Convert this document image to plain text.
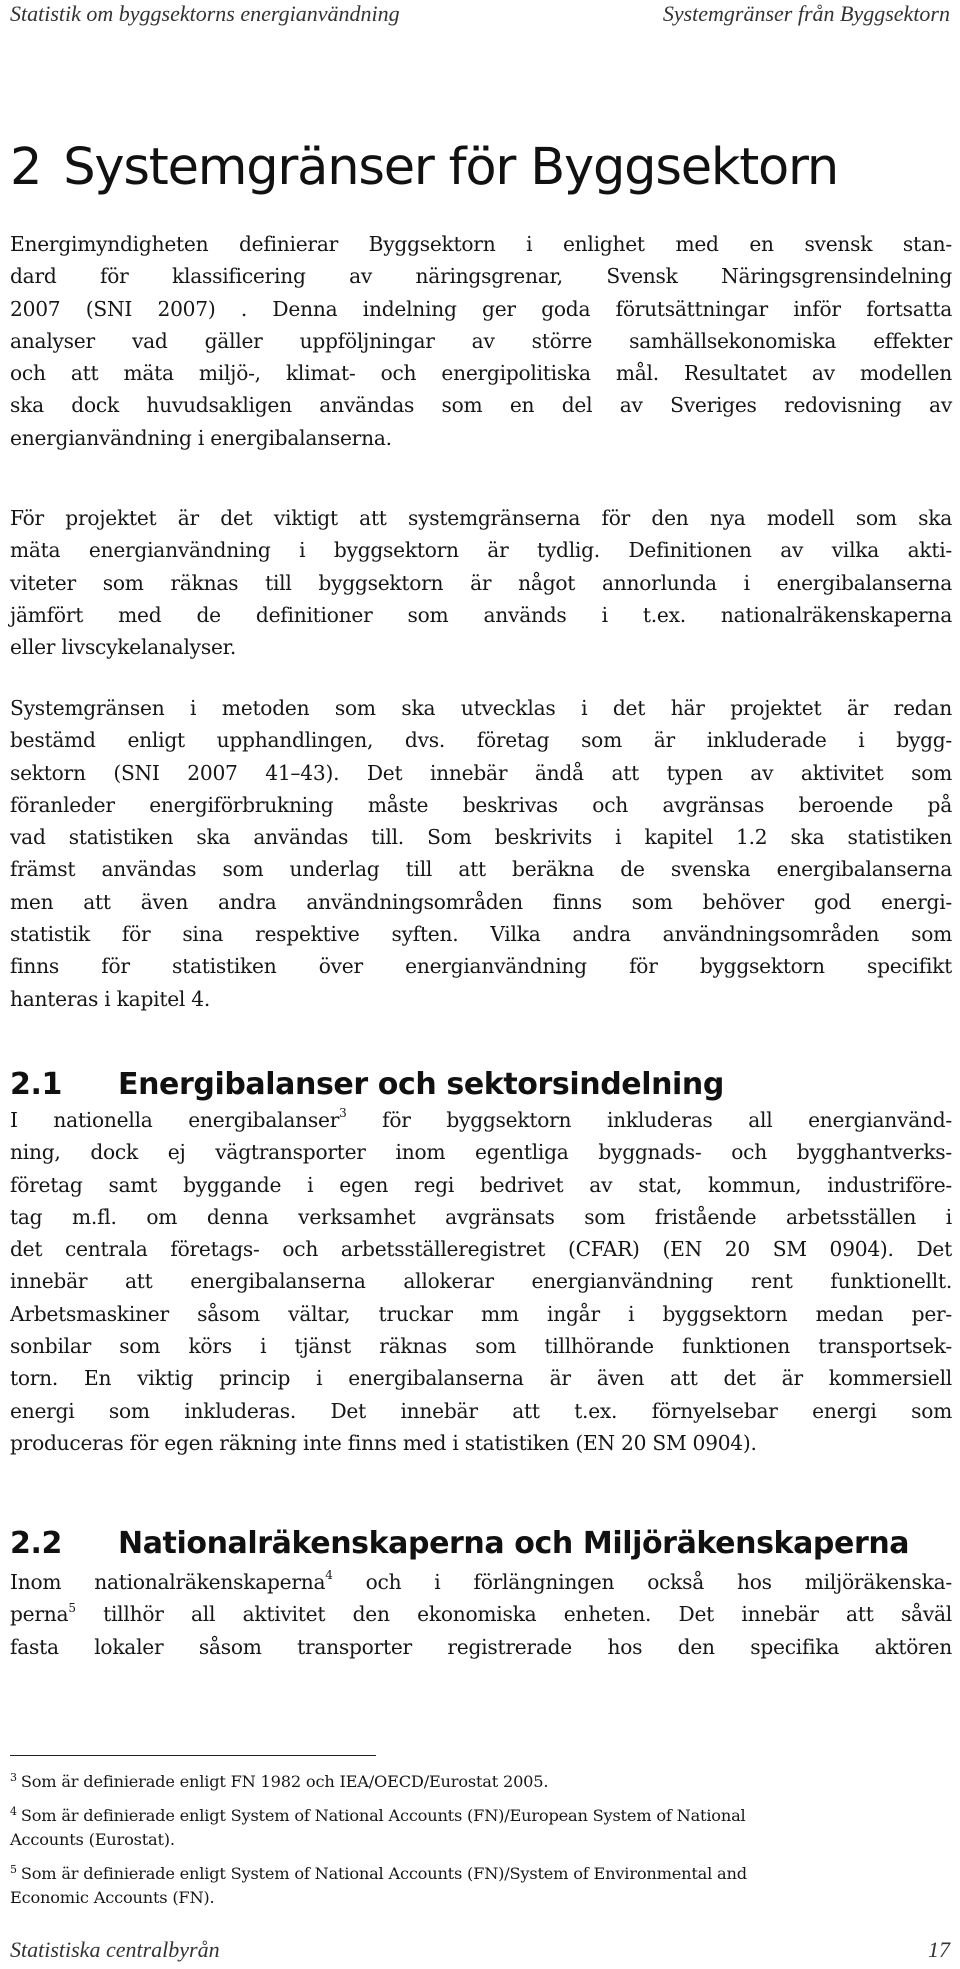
Statistik om byggsektorns energianvändning	Systemgränser från Byggsektorn
2 Systemgränser för Byggsektorn

Energimyndigheten definierar Byggsektorn i enlighet med en svensk stan-
dard för klassificering av näringsgrenar, Svensk Näringsgrensindelning
2007 (SNI 2007) . Denna indelning ger goda förutsättningar inför fortsatta
analyser vad gäller uppföljningar av större samhällsekonomiska effekter
och att mäta miljö-, klimat- och energipolitiska mål. Resultatet av modellen
ska dock huvudsakligen användas som en del av Sveriges redovisning av
energianvändning i energibalanserna.

För projektet är det viktigt att systemgränserna för den nya modell som ska
mäta energianvändning i byggsektorn är tydlig. Definitionen av vilka akti-
viteter som räknas till byggsektorn är något annorlunda i energibalanserna
jämfört med de definitioner som används i t.ex. nationalräkenskaperna
eller livscykelanalyser.

Systemgränsen i metoden som ska utvecklas i det här projektet är redan
bestämd enligt upphandlingen, dvs. företag som är inkluderade i bygg-
sektorn (SNI 2007 41–43). Det innebär ändå att typen av aktivitet som
föranleder energiförbrukning måste beskrivas och avgränsas beroende på
vad statistiken ska användas till. Som beskrivits i kapitel 1.2 ska statistiken
främst användas som underlag till att beräkna de svenska energibalanserna
men att även andra användningsområden finns som behöver god energi-
statistik för sina respektive syften. Vilka andra användningsområden som
finns för statistiken över energianvändning för byggsektorn specifikt
hanteras i kapitel 4.

2.1 Energibalanser och sektorsindelning

I nationella energibalanser$^3$ för byggsektorn inkluderas all energianvänd-
ning, dock ej vägtransporter inom egentliga byggnads- och bygghantverks-
företag samt byggande i egen regi bedrivet av stat, kommun, industriföre-
tag m.fl. om denna verksamhet avgränsats som fristående arbetsställen i
det centrala företags- och arbetsställeregistret (CFAR) (EN 20 SM 0904). Det
innebär att energibalanserna allokerar energianvändning rent funktionellt.
Arbetsmaskiner såsom vältar, truckar mm ingår i byggsektorn medan per-
sonbilar som körs i tjänst räknas som tillhörande funktionen transportsek-
torn. En viktig princip i energibalanserna är även att det är kommersiell
energi som inkluderas. Det innebär att t.ex. förnyelsebar energi som
produceras för egen räkning inte finns med i statistiken (EN 20 SM 0904).

2.2 Nationalräkenskaperna och Miljöräkenskaperna

Inom nationalräkenskaperna$^4$ och i förlängningen också hos miljöräkenska-
perna$^5$ tillhör all aktivitet den ekonomiska enheten. Det innebär att såväl
fasta lokaler såsom transporter registrerade hos den specifika aktören

$^3$ Som är definierade enligt FN 1982 och IEA/OECD/Eurostat 2005.

$^4$ Som är definierade enligt System of National Accounts (FN)/European System of National
Accounts (Eurostat).

$^5$ Som är definierade enligt System of National Accounts (FN)/System of Environmental and
Economic Accounts (FN).

Statistiska centralbyrån	17
